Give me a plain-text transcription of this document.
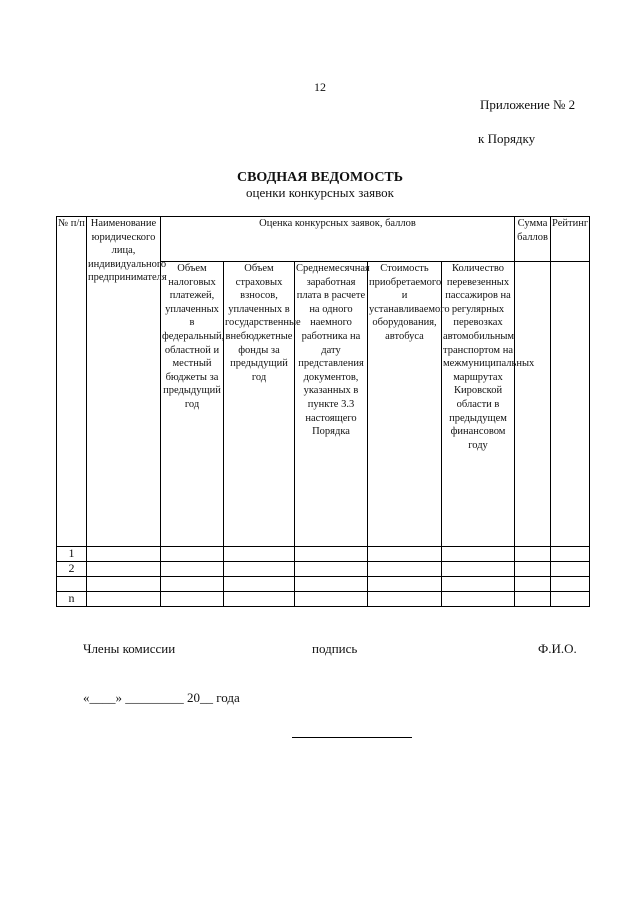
12
Приложение № 2
к Порядку
СВОДНАЯ ВЕДОМОСТЬ
оценки конкурсных заявок
№ п/п	Наименование юридического лица, индивидуального предпринимателя	Оценка конкурсных заявок, баллов					Сумма баллов	Рейтинг
		Объем налоговых платежей, уплаченных в федеральный, областной и местный бюджеты за предыдущий год	Объем страховых взносов, уплаченных в государственные внебюджетные фонды за предыдущий год	Среднемесячная заработная плата в расчете на одного наемного работника на дату представления документов, указанных в пункте 3.3 настоящего Порядка	Стоимость приобретаемого и устанавливаемого оборудования, автобуса	Количество перевезенных пассажиров на регулярных перевозках автомобильным транспортом на межмуниципальных маршрутах Кировской области в предыдущем финансовом году		
1								
2								

n								
Члены комиссии	подпись	Ф.И.О.
«____» _________ 20__ года
